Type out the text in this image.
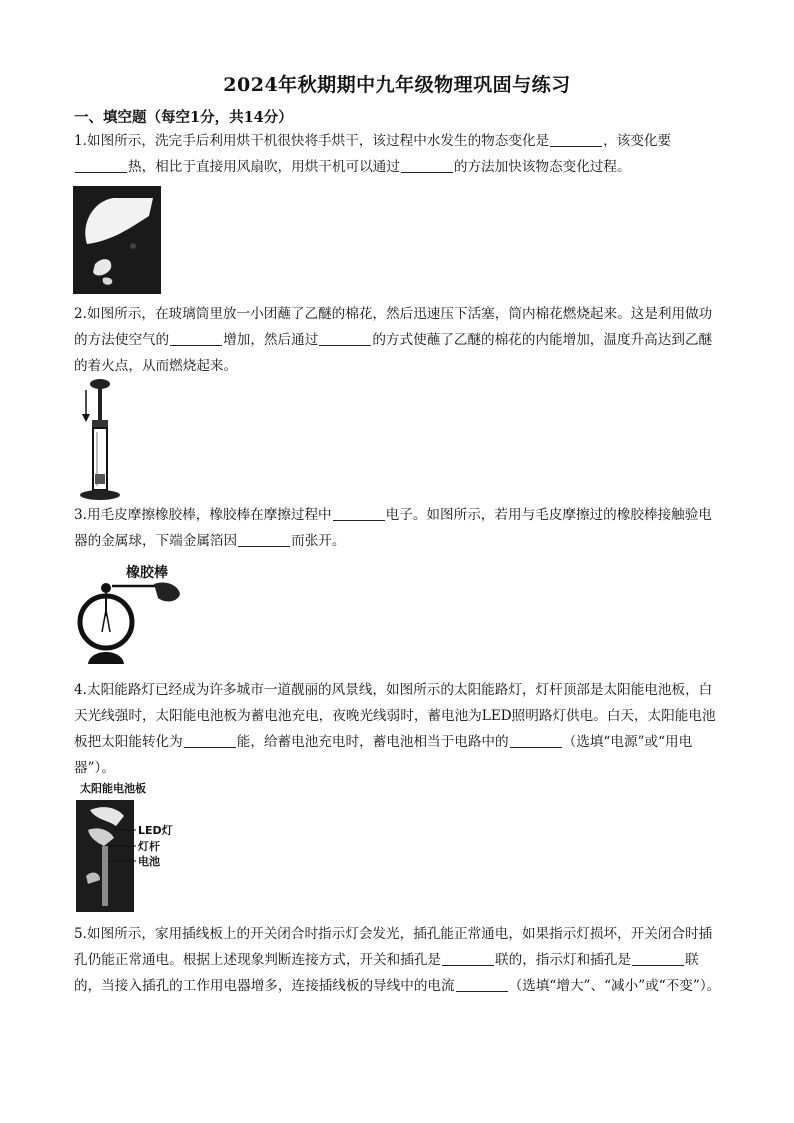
2024年秋期期中九年级物理巩固与练习
一、填空题（每空1分，共14分）

1.如图所示，洗完手后利用烘干机很快将手烘干，该过程中水发生的物态变化是	，该变化要热，相比于直接用风扇吹，用烘干机可以通过	的方法加快该物态变化过程。

2.如图所示，在玻璃筒里放一小团蘸了乙醚的棉花，然后迅速压下活塞，筒内棉花燃烧起来。这是利用做功的方法使空气的	增加，然后通过	的方式使蘸了乙醚的棉花的内能增加，温度升高达到乙醚的着火点，从而燃烧起来。

3.用毛皮摩擦橡胶棒，橡胶棒在摩擦过程中	电子。如图所示，若用与毛皮摩擦过的橡胶棒接触验电器的金属球，下端金属箔因	而张开。

橡胶棒

4.太阳能路灯已经成为许多城市一道靓丽的风景线，如图所示的太阳能路灯，灯杆顶部是太阳能电池板，白天光线强时，太阳能电池板为蓄电池充电，夜晚光线弱时，蓄电池为LED照明路灯供电。白天，太阳能电池板把太阳能转化为	能，给蓄电池充电时，蓄电池相当于电路中的	（选填“电源”或“用电器”）。

太阳能电池板
LED灯
灯杆
电池

5.如图所示，家用插线板上的开关闭合时指示灯会发光，插孔能正常通电，如果指示灯损坏，开关闭合时插孔仍能正常通电。根据上述现象判断连接方式，开关和插孔是	联的，指示灯和插孔是	联的，当接入插孔的工作用电器增多，连接插线板的导线中的电流	（选填“增大”、“减小”或“不变”）。
